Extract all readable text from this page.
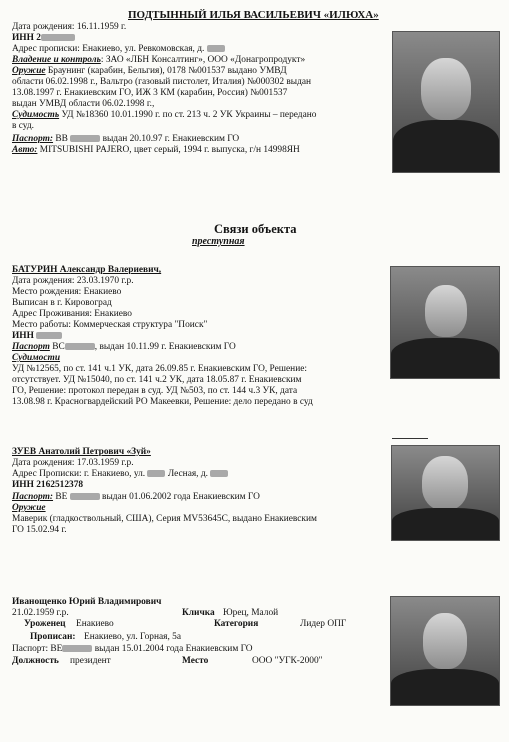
ПОДТЫННЫЙ ИЛЬЯ ВАСИЛЬЕВИЧ «ИЛЮХА»
Дата рождения: 16.11.1959 г.
ИНН 2
Адрес прописки: Енакиево, ул. Ревкомовская, д.
Владение и контроль: ЗАО «ЛБН Консалтинг», ООО «Донагропродукт»
Оружие Браунинг (карабин, Бельгия), 0178 №001537 выдано УМВД
области 06.02.1998 г., Вальтро (газовый пистолет, Италия) №000302 выдан
13.08.1997 г. Енакиевским ГО, ИЖ 3 КМ (карабин, Россия) №001537
выдан УМВД области 06.02.1998 г.,
Судимость УД №18360 10.01.1990 г. по ст. 213 ч. 2 УК Украины – передано
в суд.
Паспорт: ВВ	выдан 20.10.97 г. Енакиевским ГО
Авто: MITSUBISHI PAJERO, цвет серый, 1994 г. выпуска, г/н 14998ЯН
Связи объекта
преступная
БАТУРИН Александр Валериевич,
Дата рождения: 23.03.1970 г.р.
Место рождения: Енакиево
Выписан в г. Кировоград
Адрес Проживания: Енакиево
Место работы: Коммерческая структура "Поиск"
ИНН
Паспорт ВС	, выдан 10.11.99 г. Енакиевским ГО
Судимости
УД №12565, по ст. 141 ч.1 УК, дата 26.09.85 г. Енакиевским ГО, Решение:
отсутствует. УД №15040, по ст. 141 ч.2 УК, дата 18.05.87 г. Енакиевским
ГО, Решение: протокол передан в суд. УД №503, по ст. 144 ч.3 УК, дата
13.08.98 г. Красногвардейский РО Макеевки, Решение: дело передано в суд
ЗУЕВ Анатолий Петрович «Зуй»
Дата рождения: 17.03.1959 г.р.
Адрес Прописки: г. Енакиево, ул.  Лесная, д.
ИНН 2162512378
Паспорт: ВЕ	выдан 01.06.2002 года Енакиевским ГО
Оружие
Маверик (гладкоствольный, США), Серия MV53645С, выдано Енакиевским
ГО 15.02.94 г.
Иванощенко Юрий Владимирович
21.02.1959 г.р.	Кличка Юрец, Малой
Уроженец Енакиево	Категория	Лидер ОПГ
Прописан: Енакиево, ул. Горная, 5а
Паспорт: ВЕ	выдан 15.01.2004 года Енакиевским ГО
Должность президент	Место	ООО "УГК-2000"
